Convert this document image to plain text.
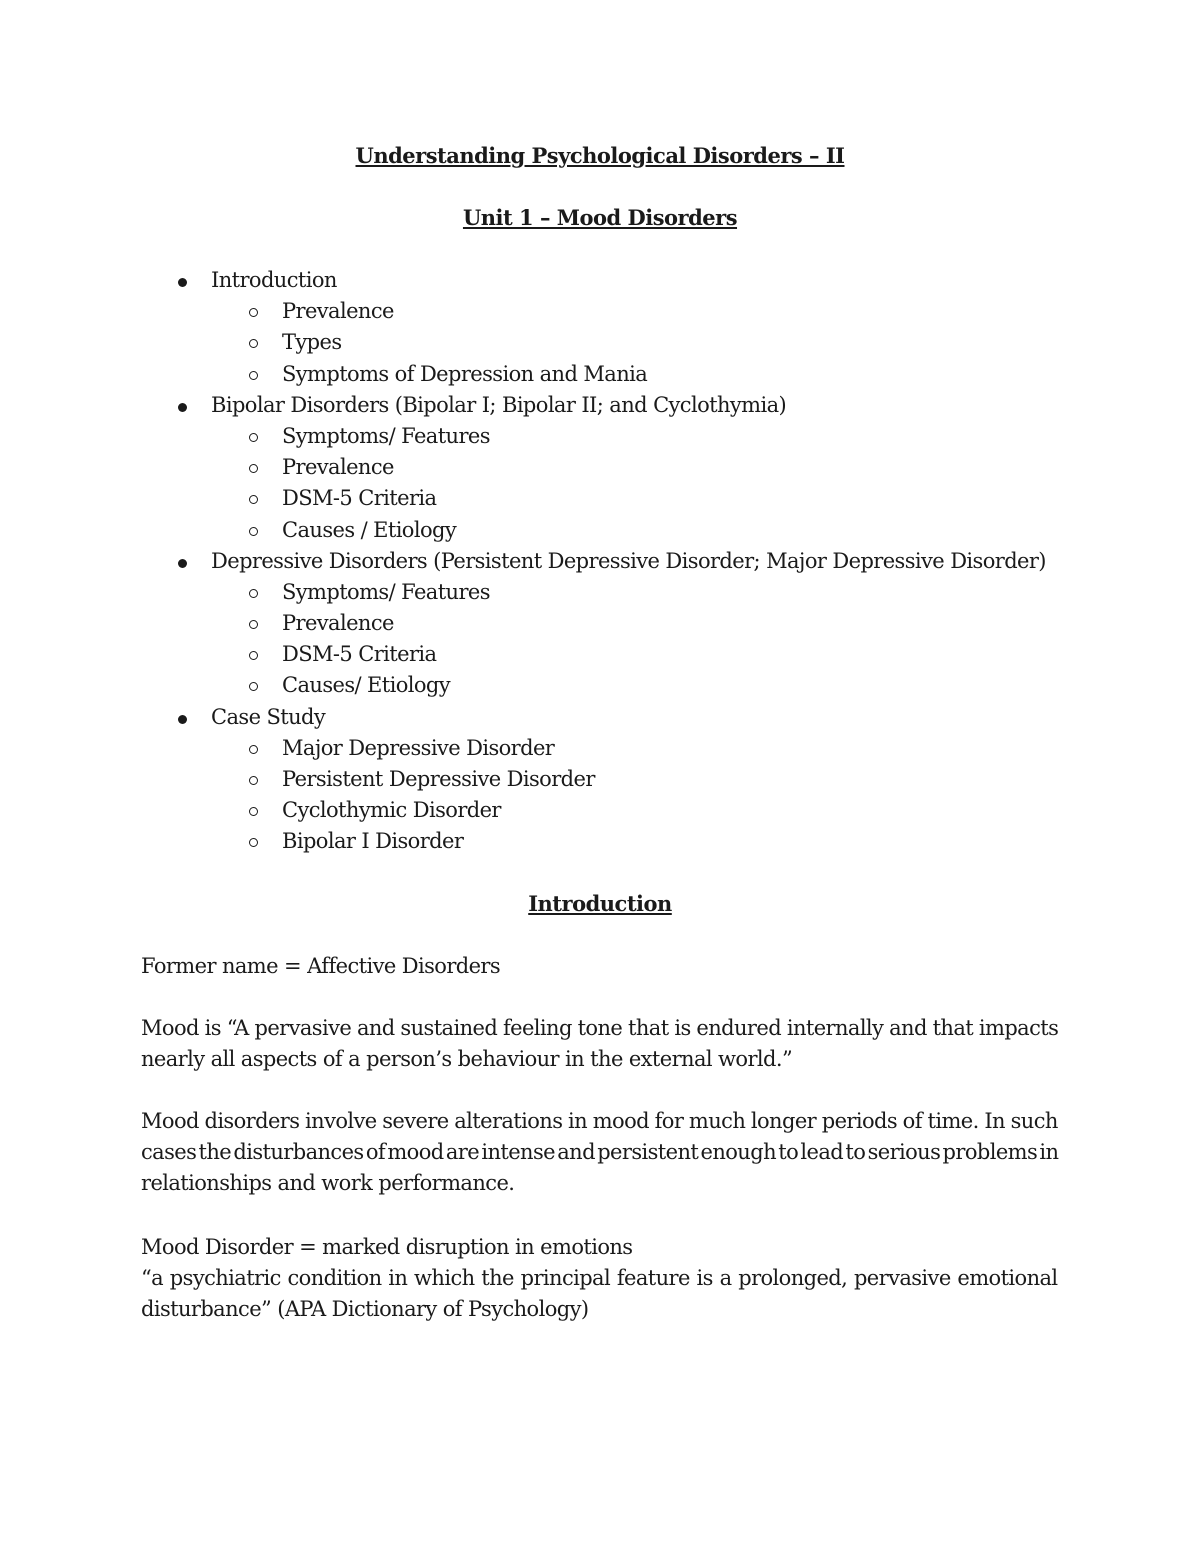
Understanding Psychological Disorders – II
Unit 1 – Mood Disorders
Introduction
Prevalence
Types
Symptoms of Depression and Mania
Bipolar Disorders (Bipolar I; Bipolar II; and Cyclothymia)
Symptoms/ Features
Prevalence
DSM-5 Criteria
Causes / Etiology
Depressive Disorders (Persistent Depressive Disorder; Major Depressive Disorder)
Symptoms/ Features
Prevalence
DSM-5 Criteria
Causes/ Etiology
Case Study
Major Depressive Disorder
Persistent Depressive Disorder
Cyclothymic Disorder
Bipolar I Disorder
Introduction
Former name = Affective Disorders
Mood is “A pervasive and sustained feeling tone that is endured internally and that impacts
nearly all aspects of a person’s behaviour in the external world.”
Mood disorders involve severe alterations in mood for much longer periods of time. In such
cases the disturbances of mood are intense and persistent enough to lead to serious problems in
relationships and work performance.
Mood Disorder = marked disruption in emotions
“a psychiatric condition in which the principal feature is a prolonged, pervasive emotional
disturbance” (APA Dictionary of Psychology)
